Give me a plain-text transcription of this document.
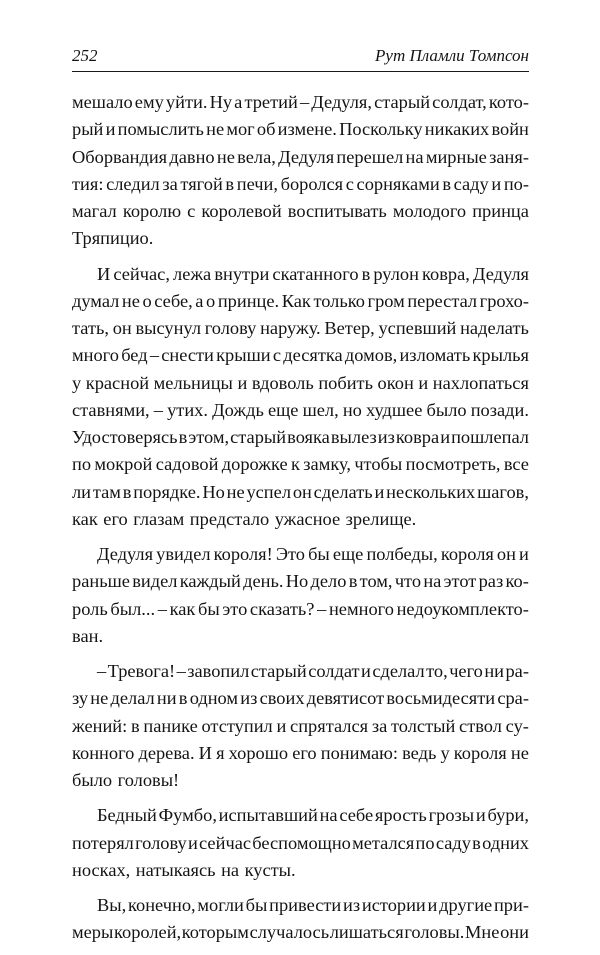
252	Рут Пламли Томпсон
мешало ему уйти. Ну а третий – Дедуля, старый солдат, кото-
рый и помыслить не мог об измене. Поскольку никаких войн
Оборвандия давно не вела, Дедуля перешел на мирные заня-
тия: следил за тягой в печи, боролся с сорняками в саду и по-
магал королю с королевой воспитывать молодого принца
Тряпицио.
И сейчас, лежа внутри скатанного в рулон ковра, Дедуля
думал не о себе, а о принце. Как только гром перестал грохо-
тать, он высунул голову наружу. Ветер, успевший наделать
много бед – снести крыши с десятка домов, изломать крылья
у красной мельницы и вдоволь побить окон и нахлопаться
ставнями, – утих. Дождь еще шел, но худшее было позади.
Удостоверясь в этом, старый вояка вылез из ковра и пошлепал
по мокрой садовой дорожке к замку, чтобы посмотреть, все
ли там в порядке. Но не успел он сделать и нескольких шагов,
как его глазам предстало ужасное зрелище.
Дедуля увидел короля! Это бы еще полбеды, короля он и
раньше видел каждый день. Но дело в том, что на этот раз ко-
роль был... – как бы это сказать? – немного недоукомплекто-
ван.
– Тревога! – завопил старый солдат и сделал то, чего ни ра-
зу не делал ни в одном из своих девятисот восьмидесяти сра-
жений: в панике отступил и спрятался за толстый ствол су-
конного дерева. И я хорошо его понимаю: ведь у короля не
было головы!
Бедный Фумбо, испытавший на себе ярость грозы и бури,
потерял голову и сейчас беспомощно метался по саду в одних
носках, натыкаясь на кусты.
Вы, конечно, могли бы привести из истории и другие при-
меры королей, которым случалось лишаться головы. Мне они
